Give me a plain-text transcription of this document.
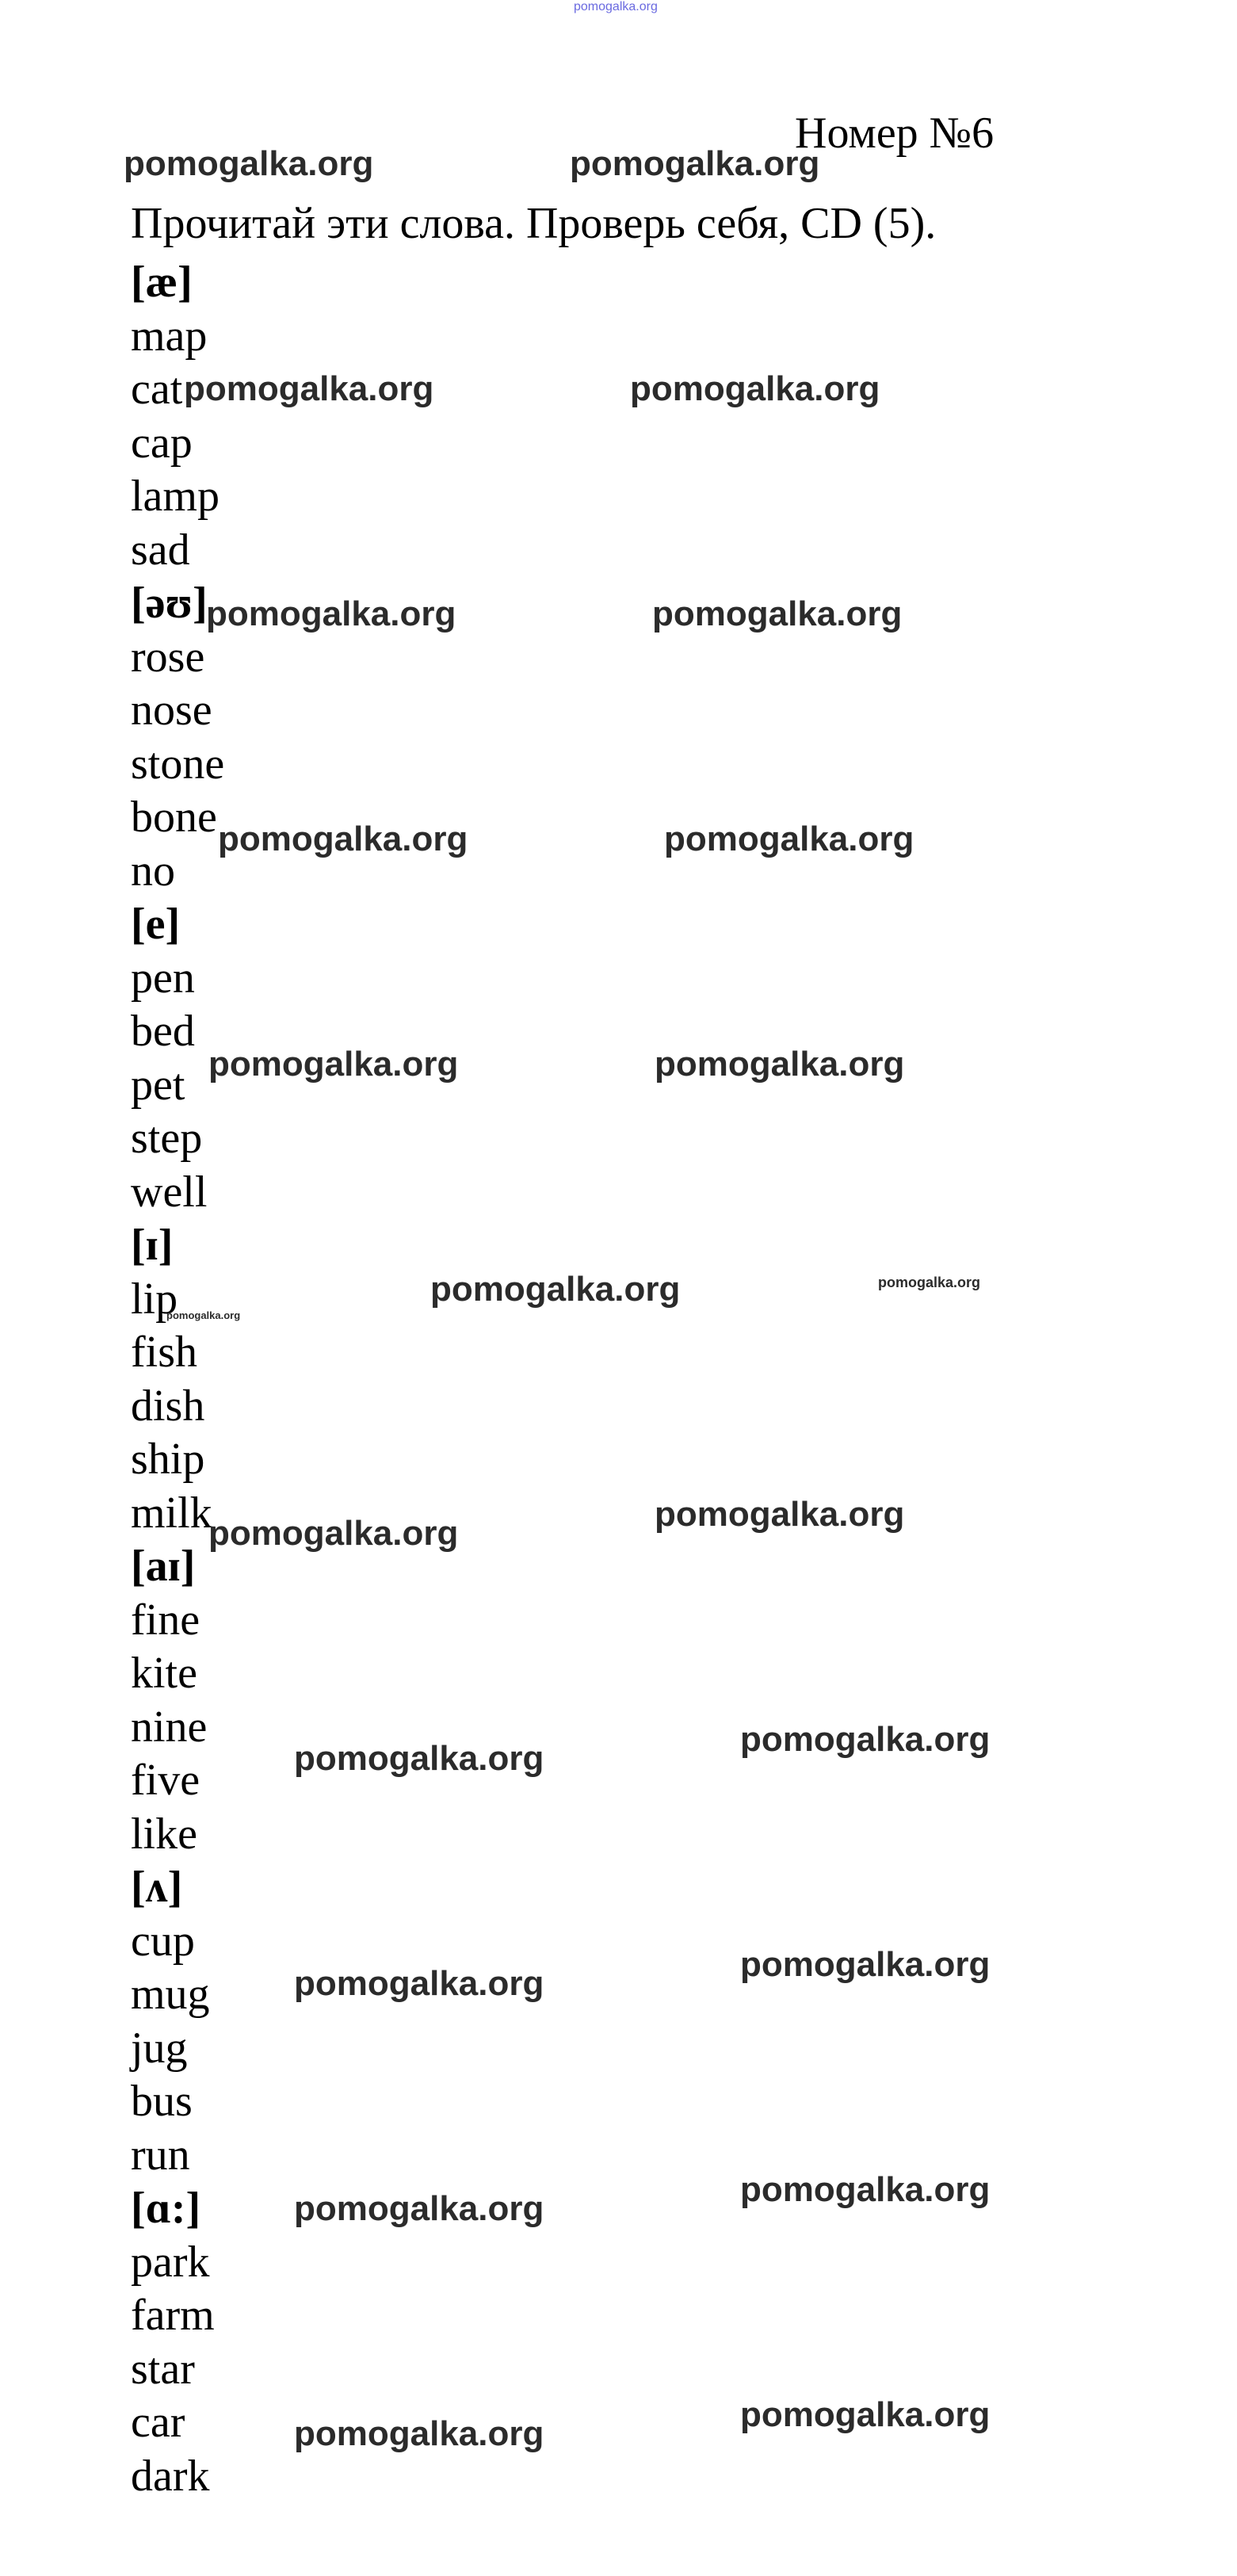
pomogalka.org
Номер №6
Прочитай эти слова. Проверь себя, CD (5).
[æ]
map
cat
cap
lamp
sad
[əʊ]
rose
nose
stone
bone
no
[e]
pen
bed
pet
step
well
[ɪ]
lip
fish
dish
ship
milk
[aɪ]
fine
kite
nine
five
like
[ʌ]
cup
mug
jug
bus
run
[ɑ:]
park
farm
star
car
dark
pomogalka.org	pomogalka.org
pomogalka.org	pomogalka.org
pomogalka.org	pomogalka.org
pomogalka.org	pomogalka.org
pomogalka.org	pomogalka.org
pomogalka.org	pomogalka.org
pomogalka.org
pomogalka.org	pomogalka.org
pomogalka.org	pomogalka.org
pomogalka.org	pomogalka.org
pomogalka.org	pomogalka.org
pomogalka.org	pomogalka.org
